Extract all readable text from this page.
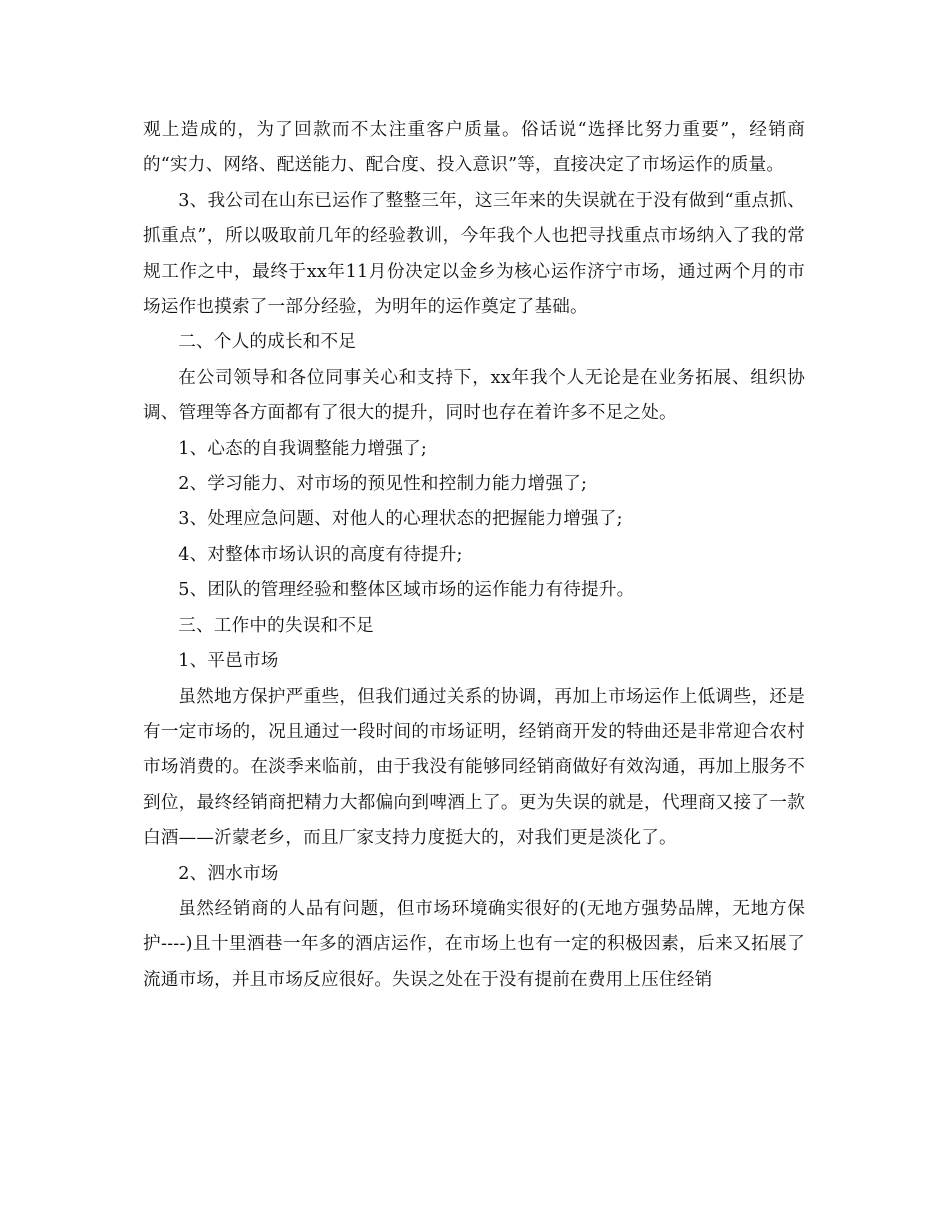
观上造成的，为了回款而不太注重客户质量。俗话说“选择比努力重要”，经销商的“实力、网络、配送能力、配合度、投入意识”等，直接决定了市场运作的质量。

3、我公司在山东已运作了整整三年，这三年来的失误就在于没有做到“重点抓、抓重点”，所以吸取前几年的经验教训，今年我个人也把寻找重点市场纳入了我的常规工作之中，最终于xx年11月份决定以金乡为核心运作济宁市场，通过两个月的市场运作也摸索了一部分经验，为明年的运作奠定了基础。

二、个人的成长和不足

在公司领导和各位同事关心和支持下，xx年我个人无论是在业务拓展、组织协调、管理等各方面都有了很大的提升，同时也存在着许多不足之处。

1、心态的自我调整能力增强了;

2、学习能力、对市场的预见性和控制力能力增强了;

3、处理应急问题、对他人的心理状态的把握能力增强了;

4、对整体市场认识的高度有待提升;

5、团队的管理经验和整体区域市场的运作能力有待提升。

三、工作中的失误和不足

1、平邑市场

虽然地方保护严重些，但我们通过关系的协调，再加上市场运作上低调些，还是有一定市场的，况且通过一段时间的市场证明，经销商开发的特曲还是非常迎合农村市场消费的。在淡季来临前，由于我没有能够同经销商做好有效沟通，再加上服务不到位，最终经销商把精力大都偏向到啤酒上了。更为失误的就是，代理商又接了一款白酒——沂蒙老乡，而且厂家支持力度挺大的，对我们更是淡化了。

2、泗水市场

虽然经销商的人品有问题，但市场环境确实很好的(无地方强势品牌，无地方保护----)且十里酒巷一年多的酒店运作，在市场上也有一定的积极因素，后来又拓展了流通市场，并且市场反应很好。失误之处在于没有提前在费用上压住经销
